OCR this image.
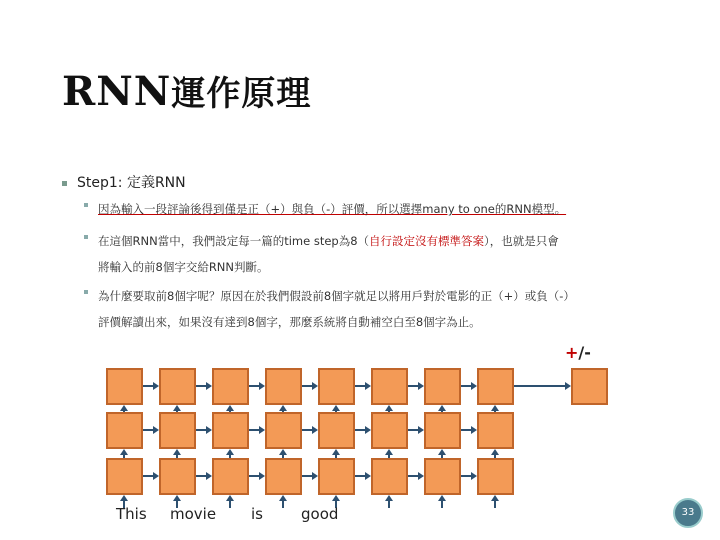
RNN運作原理
Step1: 定義RNN
因為輸入一段評論後得到僅是正（+）與負（-）評價，所以選擇many to one的RNN模型。
在這個RNN當中，我們設定每一篇的time step為8（自行設定沒有標準答案），也就是只會
將輸入的前8個字交給RNN判斷。
為什麼要取前8個字呢？原因在於我們假設前8個字就足以將用戶對於電影的正（+）或負（-）
評價解讀出來，如果沒有達到8個字，那麼系統將自動補空白至8個字為止。
+/-
This movie is	good	33
